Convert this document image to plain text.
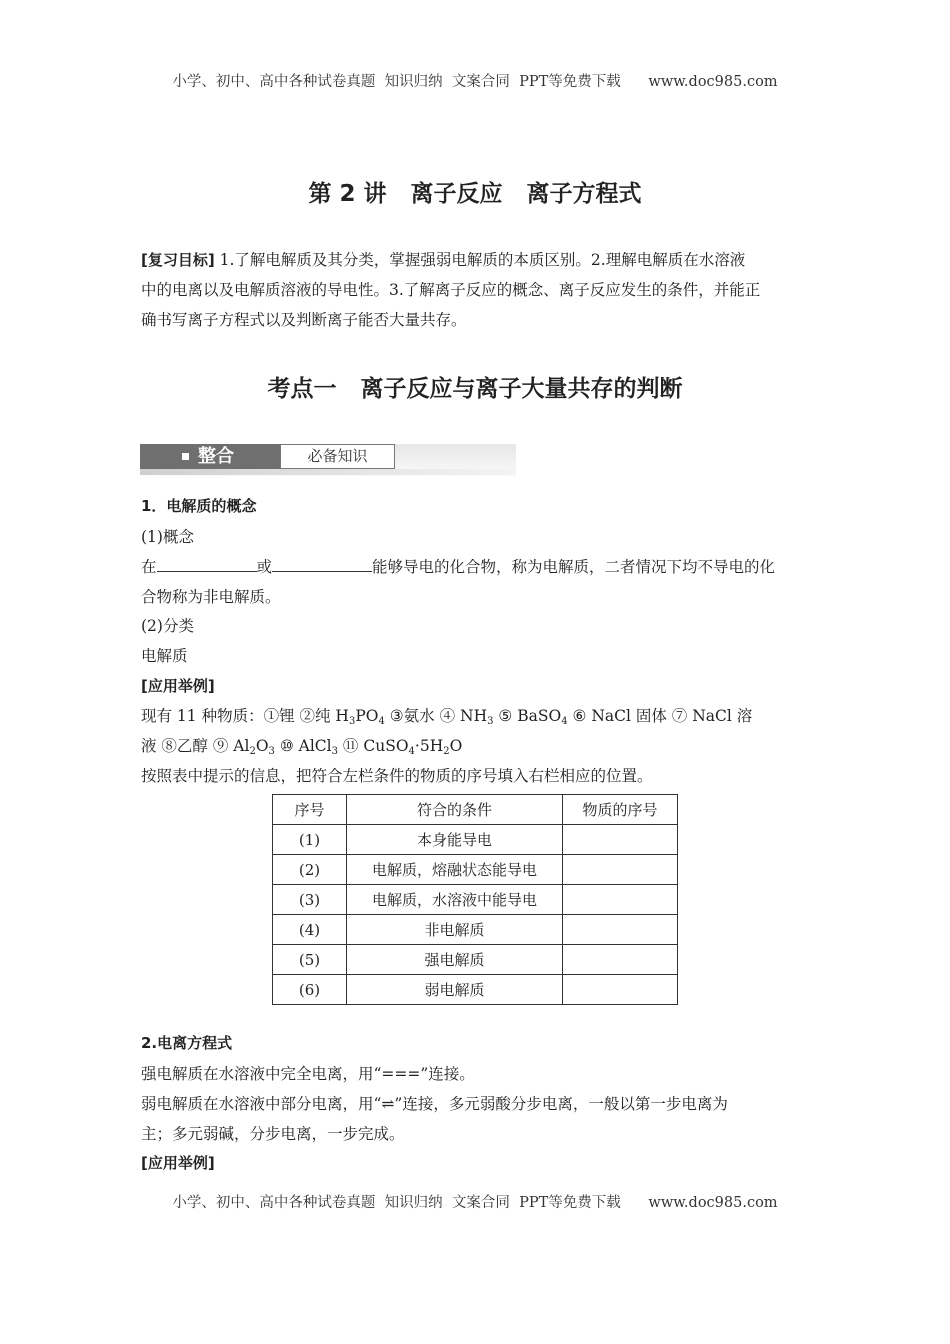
小学、初中、高中各种试卷真题  知识归纳  文案合同  PPT等免费下载      www.doc985.com
第 2 讲   离子反应   离子方程式
[复习目标] 1.了解电解质及其分类，掌握强弱电解质的本质区别。2.理解电解质在水溶液
中的电离以及电解质溶液的导电性。3.了解离子反应的概念、离子反应发生的条件，并能正
确书写离子方程式以及判断离子能否大量共存。
考点一   离子反应与离子大量共存的判断
整合	必备知识
1．电解质的概念
(1)概念
在	或	能够导电的化合物，称为电解质，二者情况下均不导电的化
合物称为非电解质。
(2)分类
电解质
[应用举例]
现有 11 种物质：①锂 ②纯 $H_3PO_4$ ③氨水 ④ $NH_3$ ⑤ BaSO$_4$ ⑥ NaCl 固体 ⑦ NaCl 溶
液 ⑧乙醇 ⑨ $Al_2O_3$ ⑩ AlCl$_3$ ⑪ $CuSO_4\cdot 5H_2O$
按照表中提示的信息，把符合左栏条件的物质的序号填入右栏相应的位置。
序号	符合的条件	物质的序号
(1)	本身能导电	
(2)	电解质，熔融状态能导电	
(3)	电解质，水溶液中能导电	
(4)	非电解质	
(5)	强电解质	
(6)	弱电解质	
2.电离方程式
强电解质在水溶液中完全电离，用“===”连接。
弱电解质在水溶液中部分电离，用“⇌”连接，多元弱酸分步电离，一般以第一步电离为
主；多元弱碱，分步电离，一步完成。
[应用举例]
小学、初中、高中各种试卷真题  知识归纳  文案合同  PPT等免费下载      www.doc985.com
